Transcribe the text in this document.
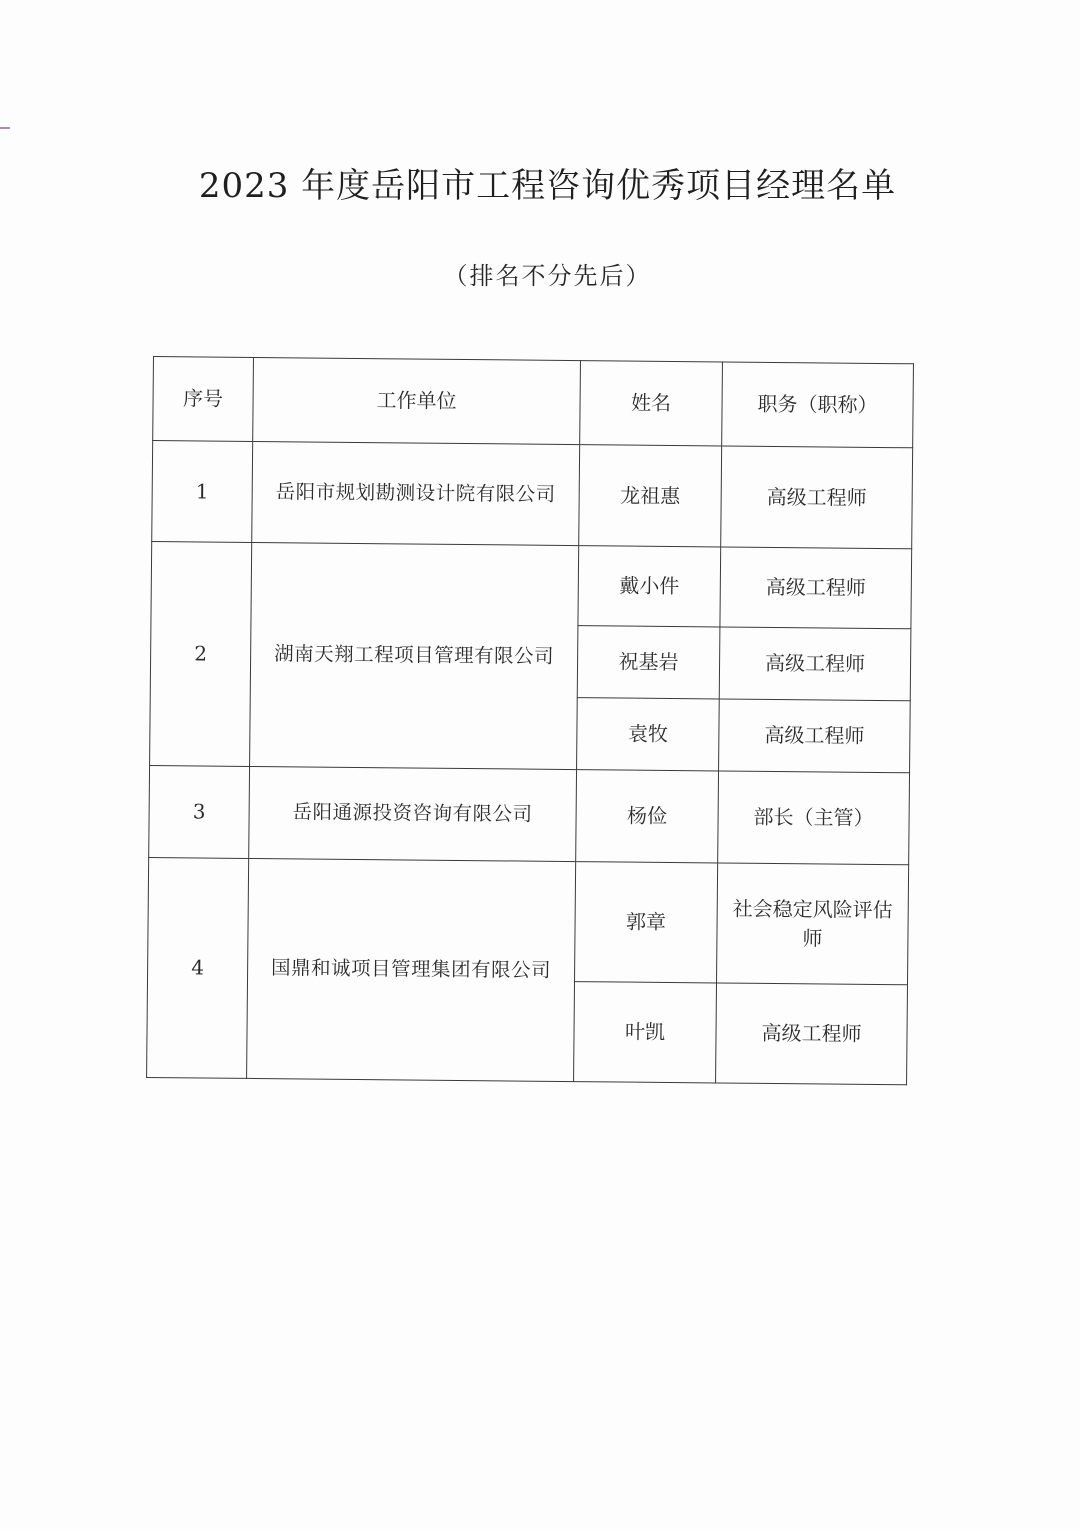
2023 年度岳阳市工程咨询优秀项目经理名单

（排名不分先后）

序号	工作单位	姓名	职务（职称）
1	岳阳市规划勘测设计院有限公司	龙祖惠	高级工程师
2	湖南天翔工程项目管理有限公司	戴小件	高级工程师
		祝基岩	高级工程师
		袁牧	高级工程师
3	岳阳通源投资咨询有限公司	杨俭	部长（主管）
4	国鼎和诚项目管理集团有限公司	郭章	社会稳定风险评估师
		叶凯	高级工程师
